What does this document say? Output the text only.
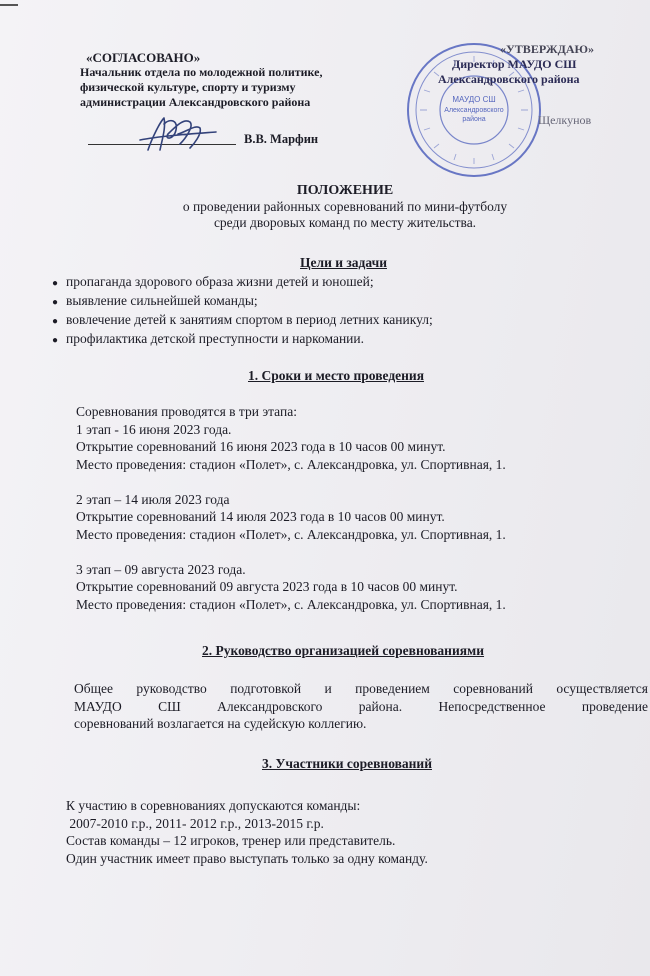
«СОГЛАСОВАНО»
Начальник отдела по молодежной политике,
физической культуре, спорту и туризму
администрации Александровского района
В.В. Марфин
МАУДО СШ
Александровского
района
«УТВЕРЖДАЮ»
Директор МАУДО СШ
Александровского района
Щелкунов
ПОЛОЖЕНИЕ
о проведении районных соревнований по мини-футболу
среди дворовых команд по месту жительства.
Цели и задачи
● пропаганда здорового образа жизни детей и юношей;
● выявление сильнейшей команды;
● вовлечение детей к занятиям спортом в период летних каникул;
● профилактика детской преступности и наркомании.
1. Сроки и место проведения
Соревнования проводятся в три этапа:
1 этап - 16 июня 2023 года.
Открытие соревнований 16 июня 2023 года в 10 часов 00 минут.
Место проведения: стадион «Полет», с. Александровка, ул. Спортивная, 1.
2 этап – 14 июля 2023 года
Открытие соревнований 14 июля 2023 года в 10 часов 00 минут.
Место проведения: стадион «Полет», с. Александровка, ул. Спортивная, 1.
3 этап – 09 августа 2023 года.
Открытие соревнований 09 августа 2023 года в 10 часов 00 минут.
Место проведения: стадион «Полет», с. Александровка, ул. Спортивная, 1.
2. Руководство организацией соревнованиями
Общее руководство подготовкой и проведением соревнований осуществляется
МАУДО СШ Александровского района. Непосредственное проведение
соревнований возлагается на судейскую коллегию.
3. Участники соревнований
К участию в соревнованиях допускаются команды:
2007-2010 г.р., 2011- 2012 г.р., 2013-2015 г.р.
Состав команды – 12 игроков, тренер или представитель.
Один участник имеет право выступать только за одну команду.
